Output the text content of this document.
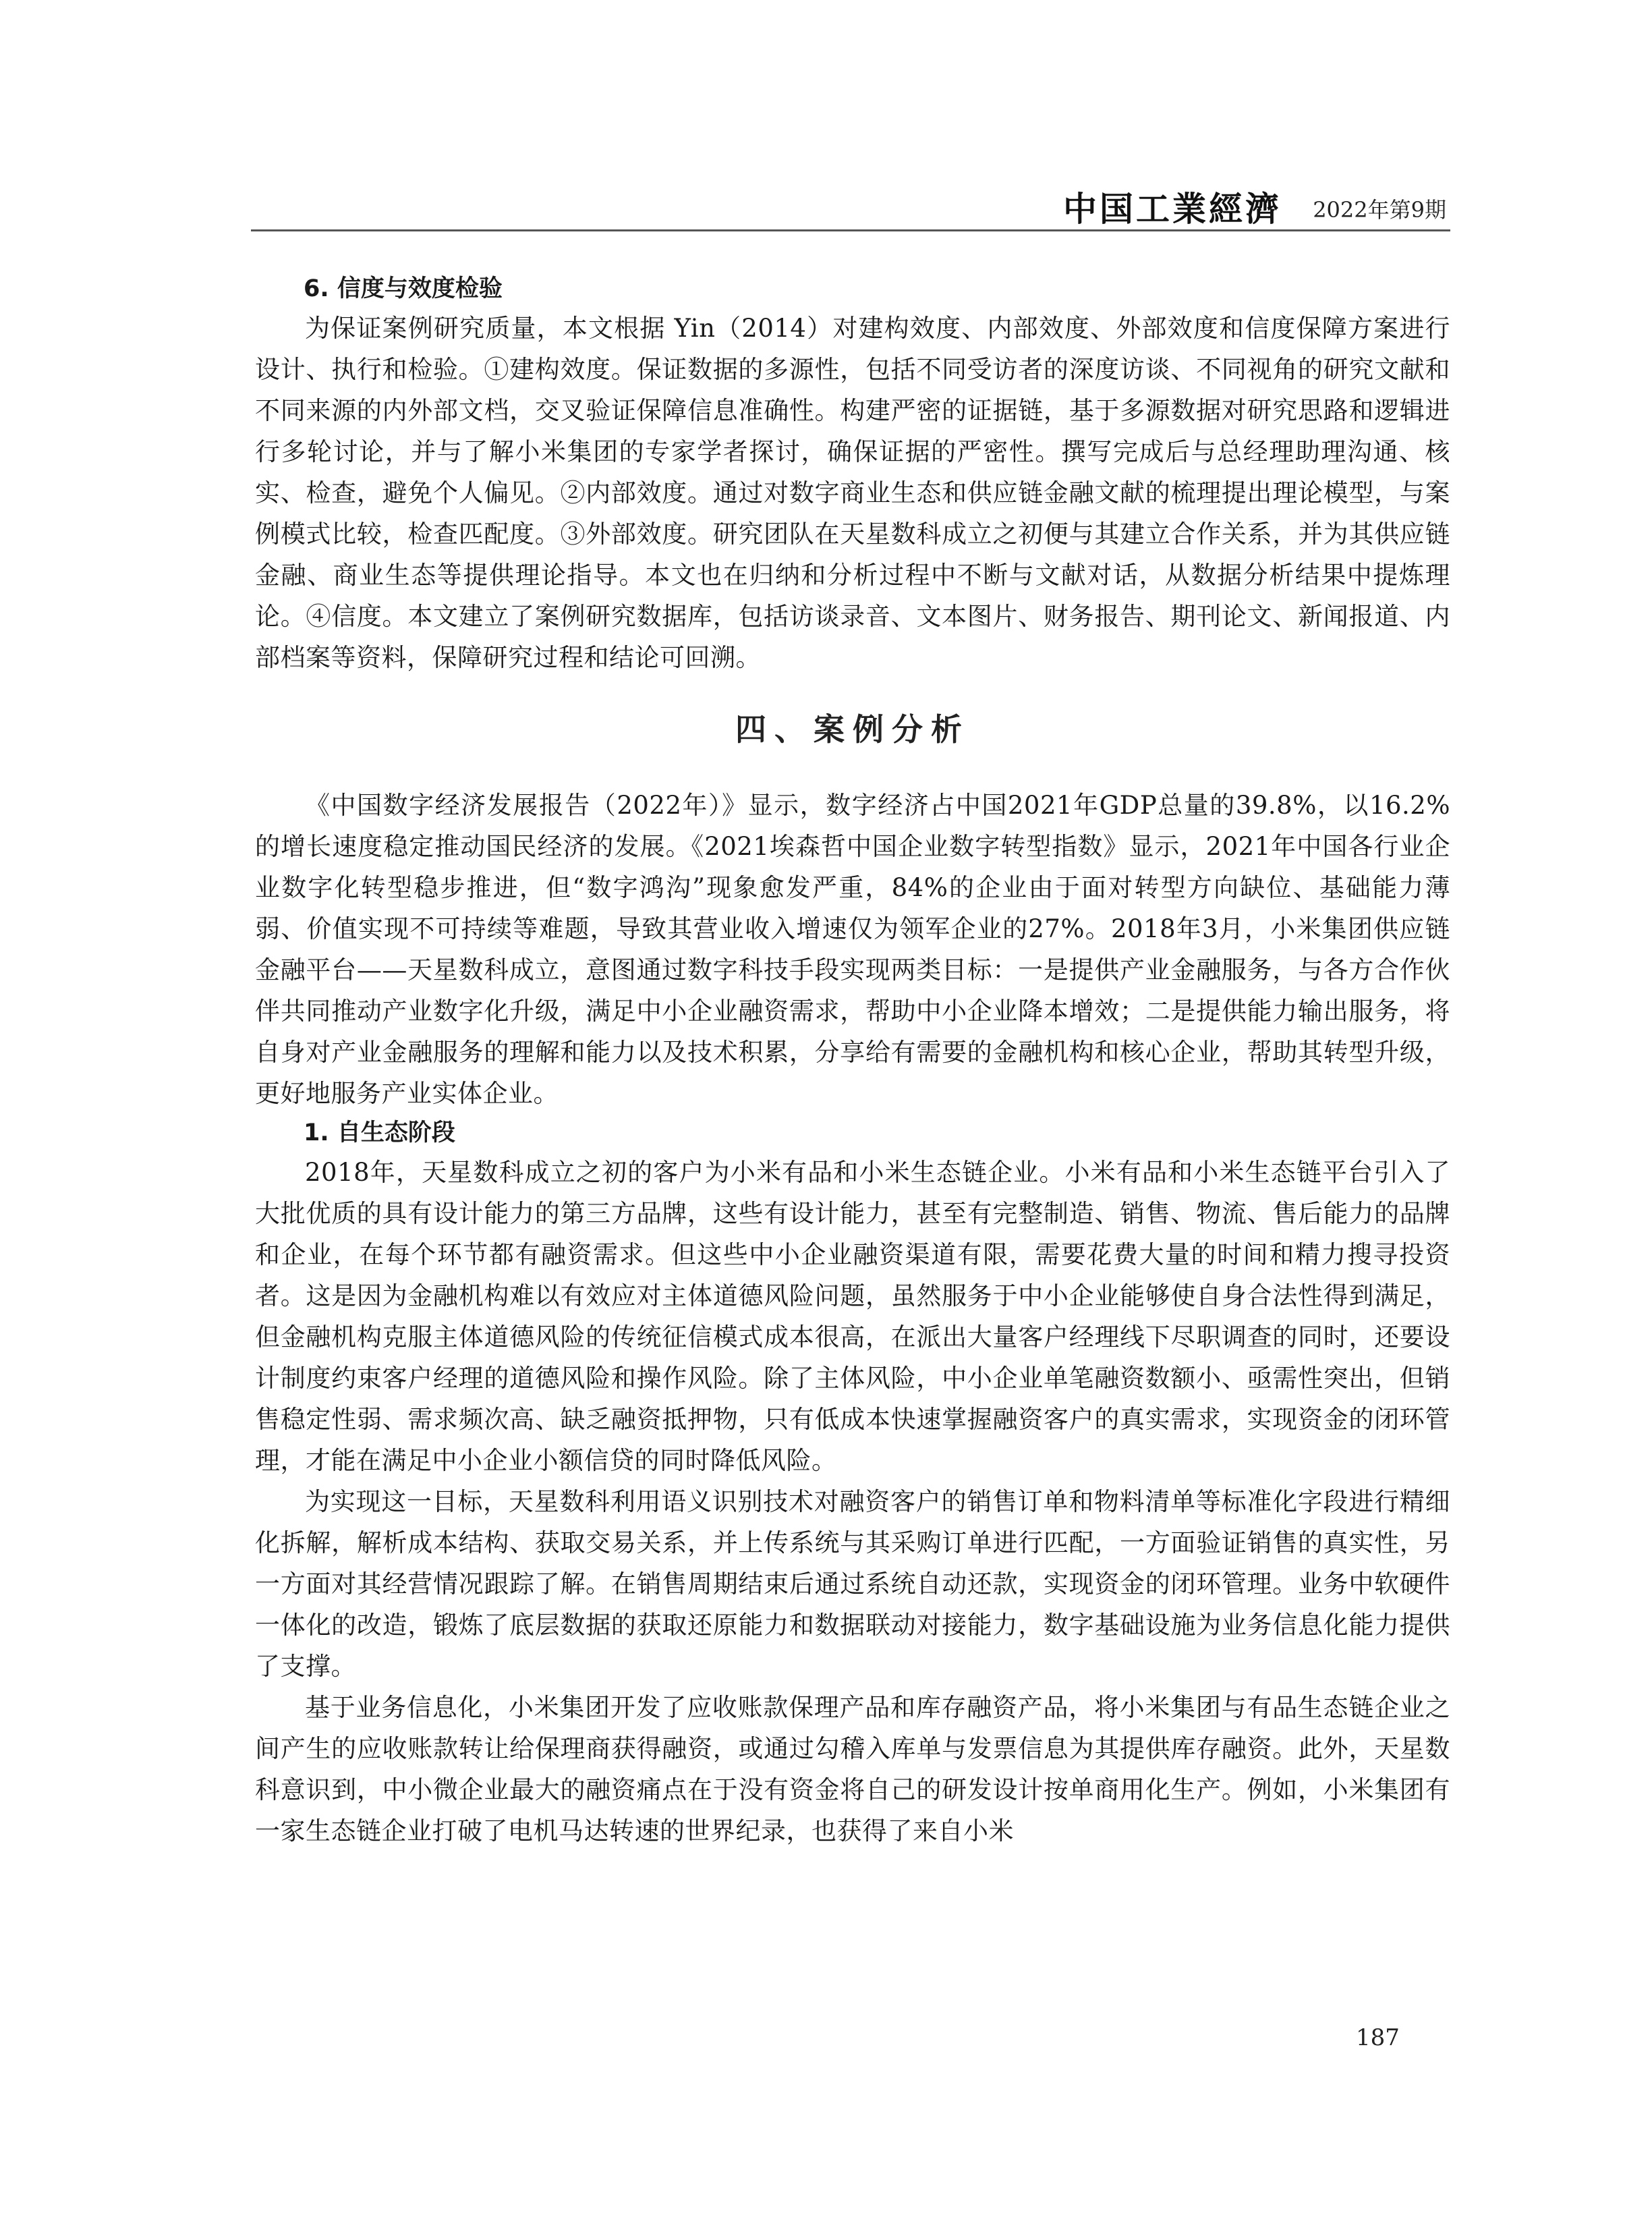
中国工業經濟 2022年第9期
6. 信度与效度检验

为保证案例研究质量，本文根据 Yin（2014）对建构效度、内部效度、外部效度和信度保障方案进行设计、执行和检验。①建构效度。保证数据的多源性，包括不同受访者的深度访谈、不同视角的研究文献和不同来源的内外部文档，交叉验证保障信息准确性。构建严密的证据链，基于多源数据对研究思路和逻辑进行多轮讨论，并与了解小米集团的专家学者探讨，确保证据的严密性。撰写完成后与总经理助理沟通、核实、检查，避免个人偏见。②内部效度。通过对数字商业生态和供应链金融文献的梳理提出理论模型，与案例模式比较，检查匹配度。③外部效度。研究团队在天星数科成立之初便与其建立合作关系，并为其供应链金融、商业生态等提供理论指导。本文也在归纳和分析过程中不断与文献对话，从数据分析结果中提炼理论。④信度。本文建立了案例研究数据库，包括访谈录音、文本图片、财务报告、期刊论文、新闻报道、内部档案等资料，保障研究过程和结论可回溯。

四、案例分析

《中国数字经济发展报告（2022年）》显示，数字经济占中国2021年GDP总量的39.8%，以16.2%的增长速度稳定推动国民经济的发展。《2021埃森哲中国企业数字转型指数》显示，2021年中国各行业企业数字化转型稳步推进，但“数字鸿沟”现象愈发严重，84%的企业由于面对转型方向缺位、基础能力薄弱、价值实现不可持续等难题，导致其营业收入增速仅为领军企业的27%。2018年3月，小米集团供应链金融平台——天星数科成立，意图通过数字科技手段实现两类目标：一是提供产业金融服务，与各方合作伙伴共同推动产业数字化升级，满足中小企业融资需求，帮助中小企业降本增效；二是提供能力输出服务，将自身对产业金融服务的理解和能力以及技术积累，分享给有需要的金融机构和核心企业，帮助其转型升级，更好地服务产业实体企业。

1. 自生态阶段

2018年，天星数科成立之初的客户为小米有品和小米生态链企业。小米有品和小米生态链平台引入了大批优质的具有设计能力的第三方品牌，这些有设计能力，甚至有完整制造、销售、物流、售后能力的品牌和企业，在每个环节都有融资需求。但这些中小企业融资渠道有限，需要花费大量的时间和精力搜寻投资者。这是因为金融机构难以有效应对主体道德风险问题，虽然服务于中小企业能够使自身合法性得到满足，但金融机构克服主体道德风险的传统征信模式成本很高，在派出大量客户经理线下尽职调查的同时，还要设计制度约束客户经理的道德风险和操作风险。除了主体风险，中小企业单笔融资数额小、亟需性突出，但销售稳定性弱、需求频次高、缺乏融资抵押物，只有低成本快速掌握融资客户的真实需求，实现资金的闭环管理，才能在满足中小企业小额信贷的同时降低风险。

为实现这一目标，天星数科利用语义识别技术对融资客户的销售订单和物料清单等标准化字段进行精细化拆解，解析成本结构、获取交易关系，并上传系统与其采购订单进行匹配，一方面验证销售的真实性，另一方面对其经营情况跟踪了解。在销售周期结束后通过系统自动还款，实现资金的闭环管理。业务中软硬件一体化的改造，锻炼了底层数据的获取还原能力和数据联动对接能力，数字基础设施为业务信息化能力提供了支撑。

基于业务信息化，小米集团开发了应收账款保理产品和库存融资产品，将小米集团与有品生态链企业之间产生的应收账款转让给保理商获得融资，或通过勾稽入库单与发票信息为其提供库存融资。此外，天星数科意识到，中小微企业最大的融资痛点在于没有资金将自己的研发设计按单商用化生产。例如，小米集团有一家生态链企业打破了电机马达转速的世界纪录，也获得了来自小米

187
